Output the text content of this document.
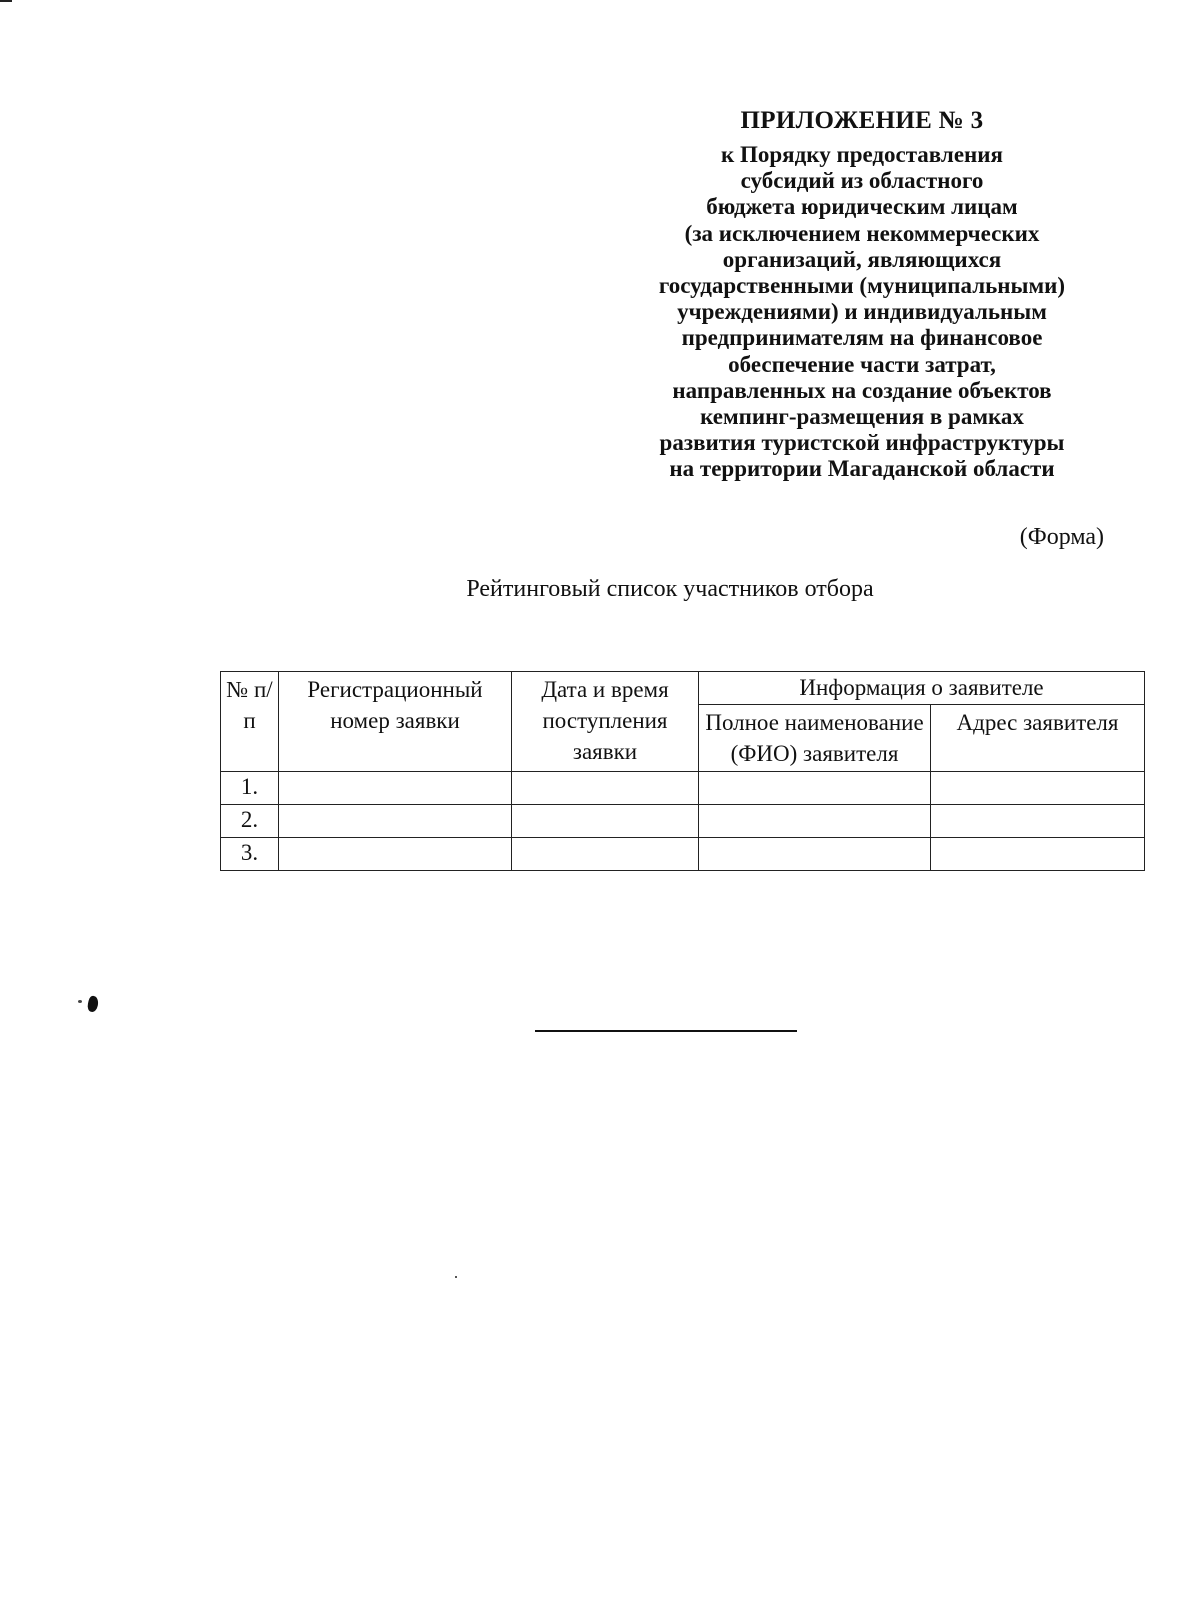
ПРИЛОЖЕНИЕ № 3
к Порядку предоставления
субсидий из областного
бюджета юридическим лицам
(за исключением некоммерческих
организаций, являющихся
государственными (муниципальными)
учреждениями) и индивидуальным
предпринимателям на финансовое
обеспечение части затрат,
направленных на создание объектов
кемпинг-размещения в рамках
развития туристской инфраструктуры
на территории Магаданской области
(Форма)
Рейтинговый список участников отбора
№ п/п	Регистрационный номер заявки	Дата и время поступления заявки	Информация о заявителе	
			Полное наименование (ФИО) заявителя	Адрес заявителя
1.				
2.				
3.				
